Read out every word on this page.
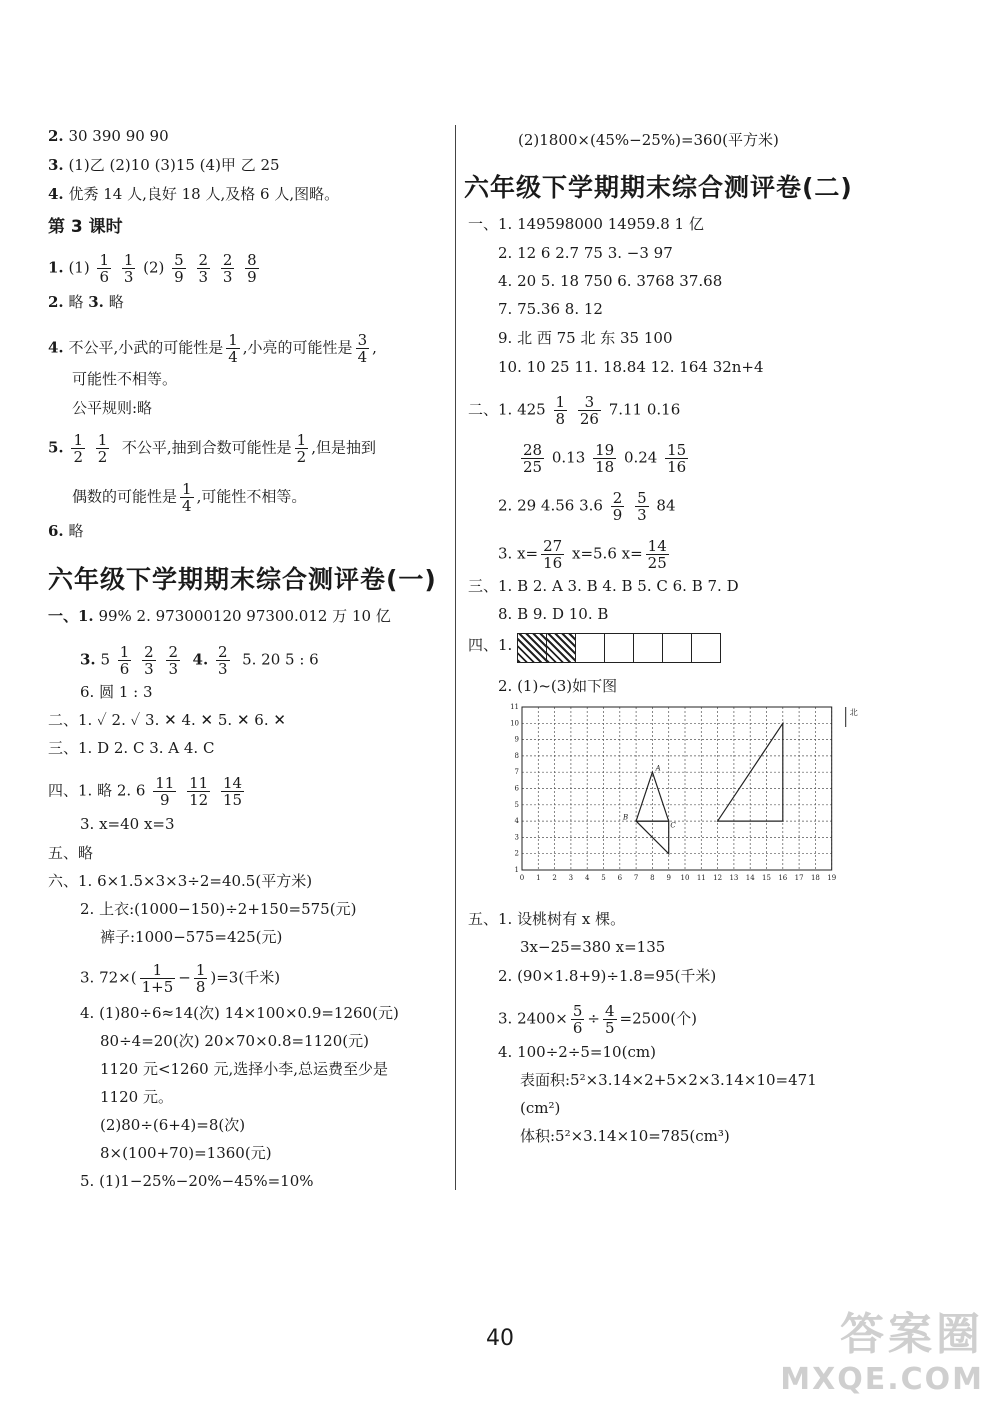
2. 30 390 90 90
3. (1)乙 (2)10 (3)15 (4)甲 乙 25
4. 优秀 14 人,良好 18 人,及格 6 人,图略。
第 3 课时
1. $(1) \frac{1}{6}$
$\frac{1}{3} (2) \frac{5}{9}$
$\frac{2}{3}$
$\frac{2}{3}$
$\frac{8}{9}$
2. 略 3. 略
4. 不公平,小武的可能性是 $\frac{1}{4}$ ,小亮的可能性是 $\frac{3}{4}$ ,
可能性不相等。
公平规则:略
5. $\frac{1}{2}$
$\frac{1}{2}$ 不公平,抽到合数可能性是 $\frac{1}{2}$ ,但是抽到
偶数的可能性是 $\frac{1}{4}$ ,可能性不相等。
6. 略
六年级下学期期末综合测评卷(一)
一、1. 99% 2. 973000120 97300.012 万 10 亿
3. $5 \frac{1}{6}$
$\frac{2}{3}$
$\frac{2}{3} 4$. $\frac{2}{3} 5$. 20 5 : 6
6. 圆 1 : 3
二、1. ✓ 2. ✓ 3. ✕ 4. ✕ 5. ✕ 6. ✕
三、1. D 2. C 3. A 4. C
四、1. 略 2. $6 \frac{11}{9}$
$\frac{11}{12}$
$\frac{14}{15}$
3. x=40 x=3
五、略
六、1. 6×1.5×3×3÷2=40.5(平方米)
2. 上衣:(1000−150)÷2+150=575(元)
裤子:1000−575=425(元)
3. $72\times( \frac{1}{1+5} - \frac{1}{8} )=3$(千米)
4. (1)80÷6≈14(次) 14×100×0.9=1260(元)
80÷4=20(次) 20×70×0.8=1120(元)
1120 元<1260 元,选择小李,总运费至少是
1120 元。
(2)80÷(6+4)=8(次)
8×(100+70)=1360(元)
5. (1)1−25%−20%−45%=10%
(2)1800×(45%−25%)=360(平方米)
六年级下学期期末综合测评卷(二)
一、1. 149598000 14959.8 1 亿
2. 12 6 2.7 75 3. −3 97
4. 20 5. 18 750 6. 3768 37.68
7. 75.36 8. 12
9. 北 西 75 北 东 35 100
10. 10 25 11. 18.84 12. 164 32n+4
二、1. $425 \frac{1}{8}$
$\frac{3}{26} 7.11$ 0.16
$\frac{28}{25} 0.13 \frac{19}{18} 0.24 \frac{15}{16}$
2. 29 4.56 $3.6 \frac{2}{9}$
$\frac{5}{3} 84$
3. $x= \frac{27}{16} x=5.6$ $x= \frac{14}{25}$
三、1. B 2. A 3. B 4. B 5. C 6. B 7. D
8. B 9. D 10. B
四、1.
2. (1)~(3)如下图
五、1. 设桃树有 x 棵。
3x−25=380 x=135
2. (90×1.8+9)÷1.8=95(千米)
3. $2400\times \frac{5}{6} \div \frac{4}{5} =2500$(个)
4. 100÷2÷5=10(cm)
表面积:5²×3.14×2+5×2×3.14×10=471
(cm²)
体积:5²×3.14×10=785(cm³)
0 1 2 3 4 5 6 7 8 9 10 11 12 13 14 15 16 17 18 19
1
2
3
4
5
6
7
8
9
10
11
A
B
C
北
40	答案圈
MXQE.COM
